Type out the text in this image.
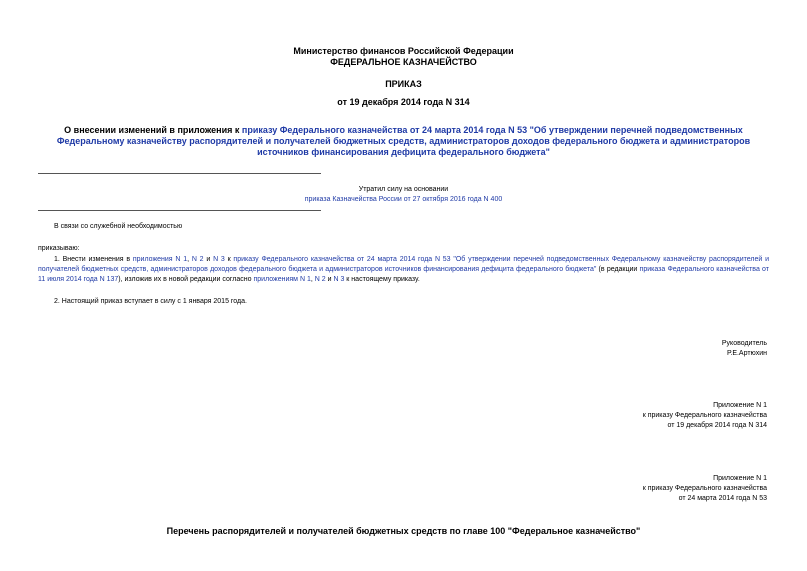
Министерство финансов Российской Федерации
ФЕДЕРАЛЬНОЕ КАЗНАЧЕЙСТВО
ПРИКАЗ
от 19 декабря 2014 года N 314
О внесении изменений в приложения к приказу Федерального казначейства от 24 марта 2014 года N 53 "Об утверждении перечней подведомственных Федеральному казначейству распорядителей и получателей бюджетных средств, администраторов доходов федерального бюджета и администраторов источников финансирования дефицита федерального бюджета"
Утратил силу на основании
приказа Казначейства России от 27 октября 2016 года N 400
В связи со служебной необходимостью
приказываю:
1. Внести изменения в приложения N 1, N 2 и N 3 к приказу Федерального казначейства от 24 марта 2014 года N 53 "Об утверждении перечней подведомственных Федеральному казначейству распорядителей и получателей бюджетных средств, администраторов доходов федерального бюджета и администраторов источников финансирования дефицита федерального бюджета" (в редакции приказа Федерального казначейства от 11 июля 2014 года N 137), изложив их в новой редакции согласно приложениям N 1, N 2 и N 3 к настоящему приказу.
2. Настоящий приказ вступает в силу с 1 января 2015 года.
Руководитель
Р.Е.Артюхин
Приложение N 1
к приказу Федерального казначейства
от 19 декабря 2014 года N 314
Приложение N 1
к приказу Федерального казначейства
от 24 марта 2014 года N 53
Перечень распорядителей и получателей бюджетных средств по главе 100 "Федеральное казначейство"
